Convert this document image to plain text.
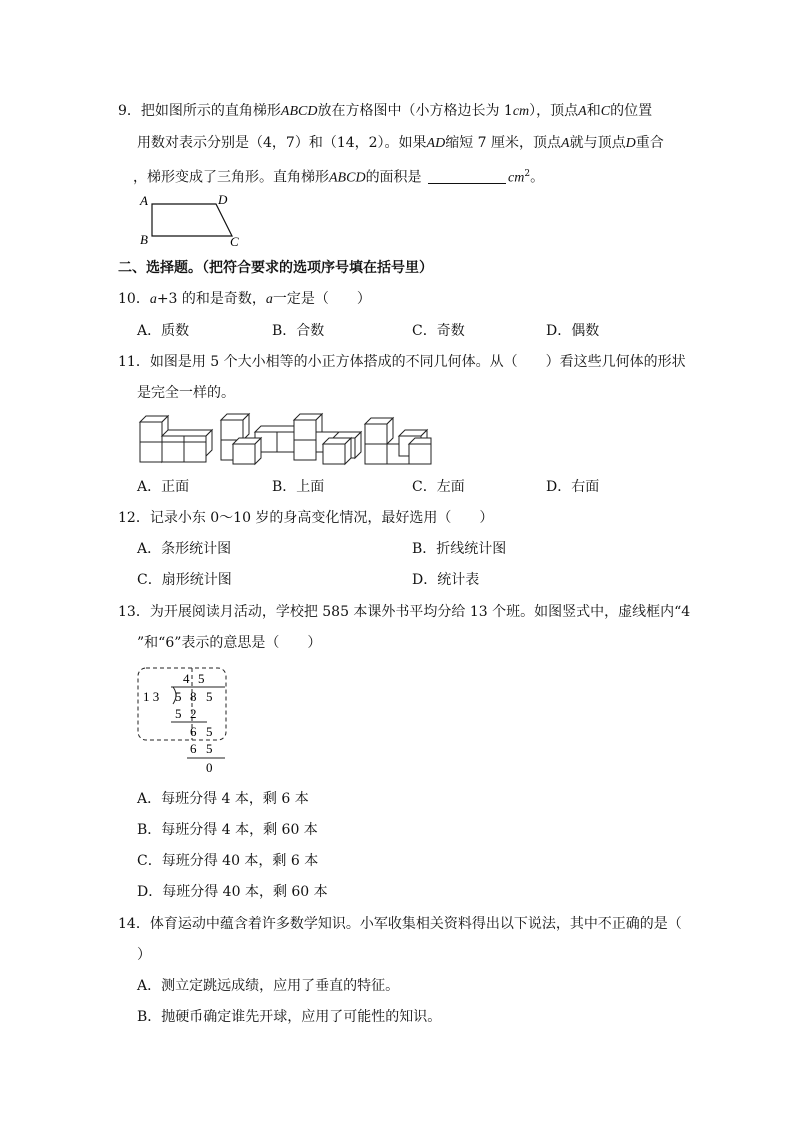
9．把如图所示的直角梯形ABCD放在方格图中（小方格边长为 1cm），顶点A和C的位置
用数对表示分别是（4，7）和（14，2）。如果AD缩短 7 厘米，顶点A就与顶点D重合
，梯形变成了三角形。直角梯形ABCD的面积是	$cm^2$。
A	D
B	C
二、选择题。（把符合要求的选项序号填在括号里）
10．a+3 的和是奇数，a一定是（　　）
A．质数	B．合数	C．奇数	D．偶数
11．如图是用 5 个大小相等的小正方体搭成的不同几何体。从（　　）看这些几何体的形状
是完全一样的。
A．正面	B．上面	C．左面	D．右面
12．记录小东 0～10 岁的身高变化情况，最好选用（　　）
A．条形统计图	B．折线统计图
C．扇形统计图	D．统计表
13．为开展阅读月活动，学校把 585 本课外书平均分给 13 个班。如图竖式中，虚线框内“4
”和“6”表示的意思是（　　）
4 5
1 3 5 8 5
5 2
6 5
6 5
0
A．每班分得 4 本，剩 6 本
B．每班分得 4 本，剩 60 本
C．每班分得 40 本，剩 6 本
D．每班分得 40 本，剩 60 本
14．体育运动中蕴含着许多数学知识。小军收集相关资料得出以下说法，其中不正确的是（
）
A．测立定跳远成绩，应用了垂直的特征。
B．抛硬币确定谁先开球，应用了可能性的知识。
